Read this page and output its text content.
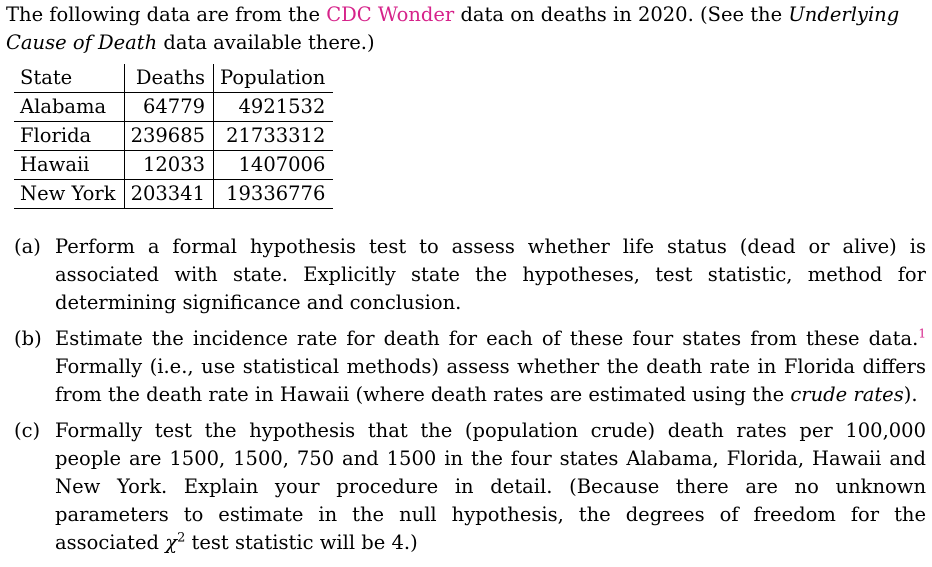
The following data are from the CDC Wonder data on deaths in 2020. (See the Underlying Cause of Death data available there.)

State	Deaths	Population
Alabama	64779	4921532
Florida	239685	21733312
Hawaii	12033	1407006
New York	203341	19336776
(a) Perform a formal hypothesis test to assess whether life status (dead or alive) is associated with state. Explicitly state the hypotheses, test statistic, method for determining significance and conclusion.
(b) Estimate the incidence rate for death for each of these four states from these data.$^1$ Formally (i.e., use statistical methods) assess whether the death rate in Florida differs from the death rate in Hawaii (where death rates are estimated using the crude rates).
(c) Formally test the hypothesis that the (population crude) death rates per 100,000 people are 1500, 1500, 750 and 1500 in the four states Alabama, Florida, Hawaii and New York. Explain your procedure in detail. (Because there are no unknown parameters to estimate in the null hypothesis, the degrees of freedom for the associated $\chi^2$ test statistic will be 4.)
